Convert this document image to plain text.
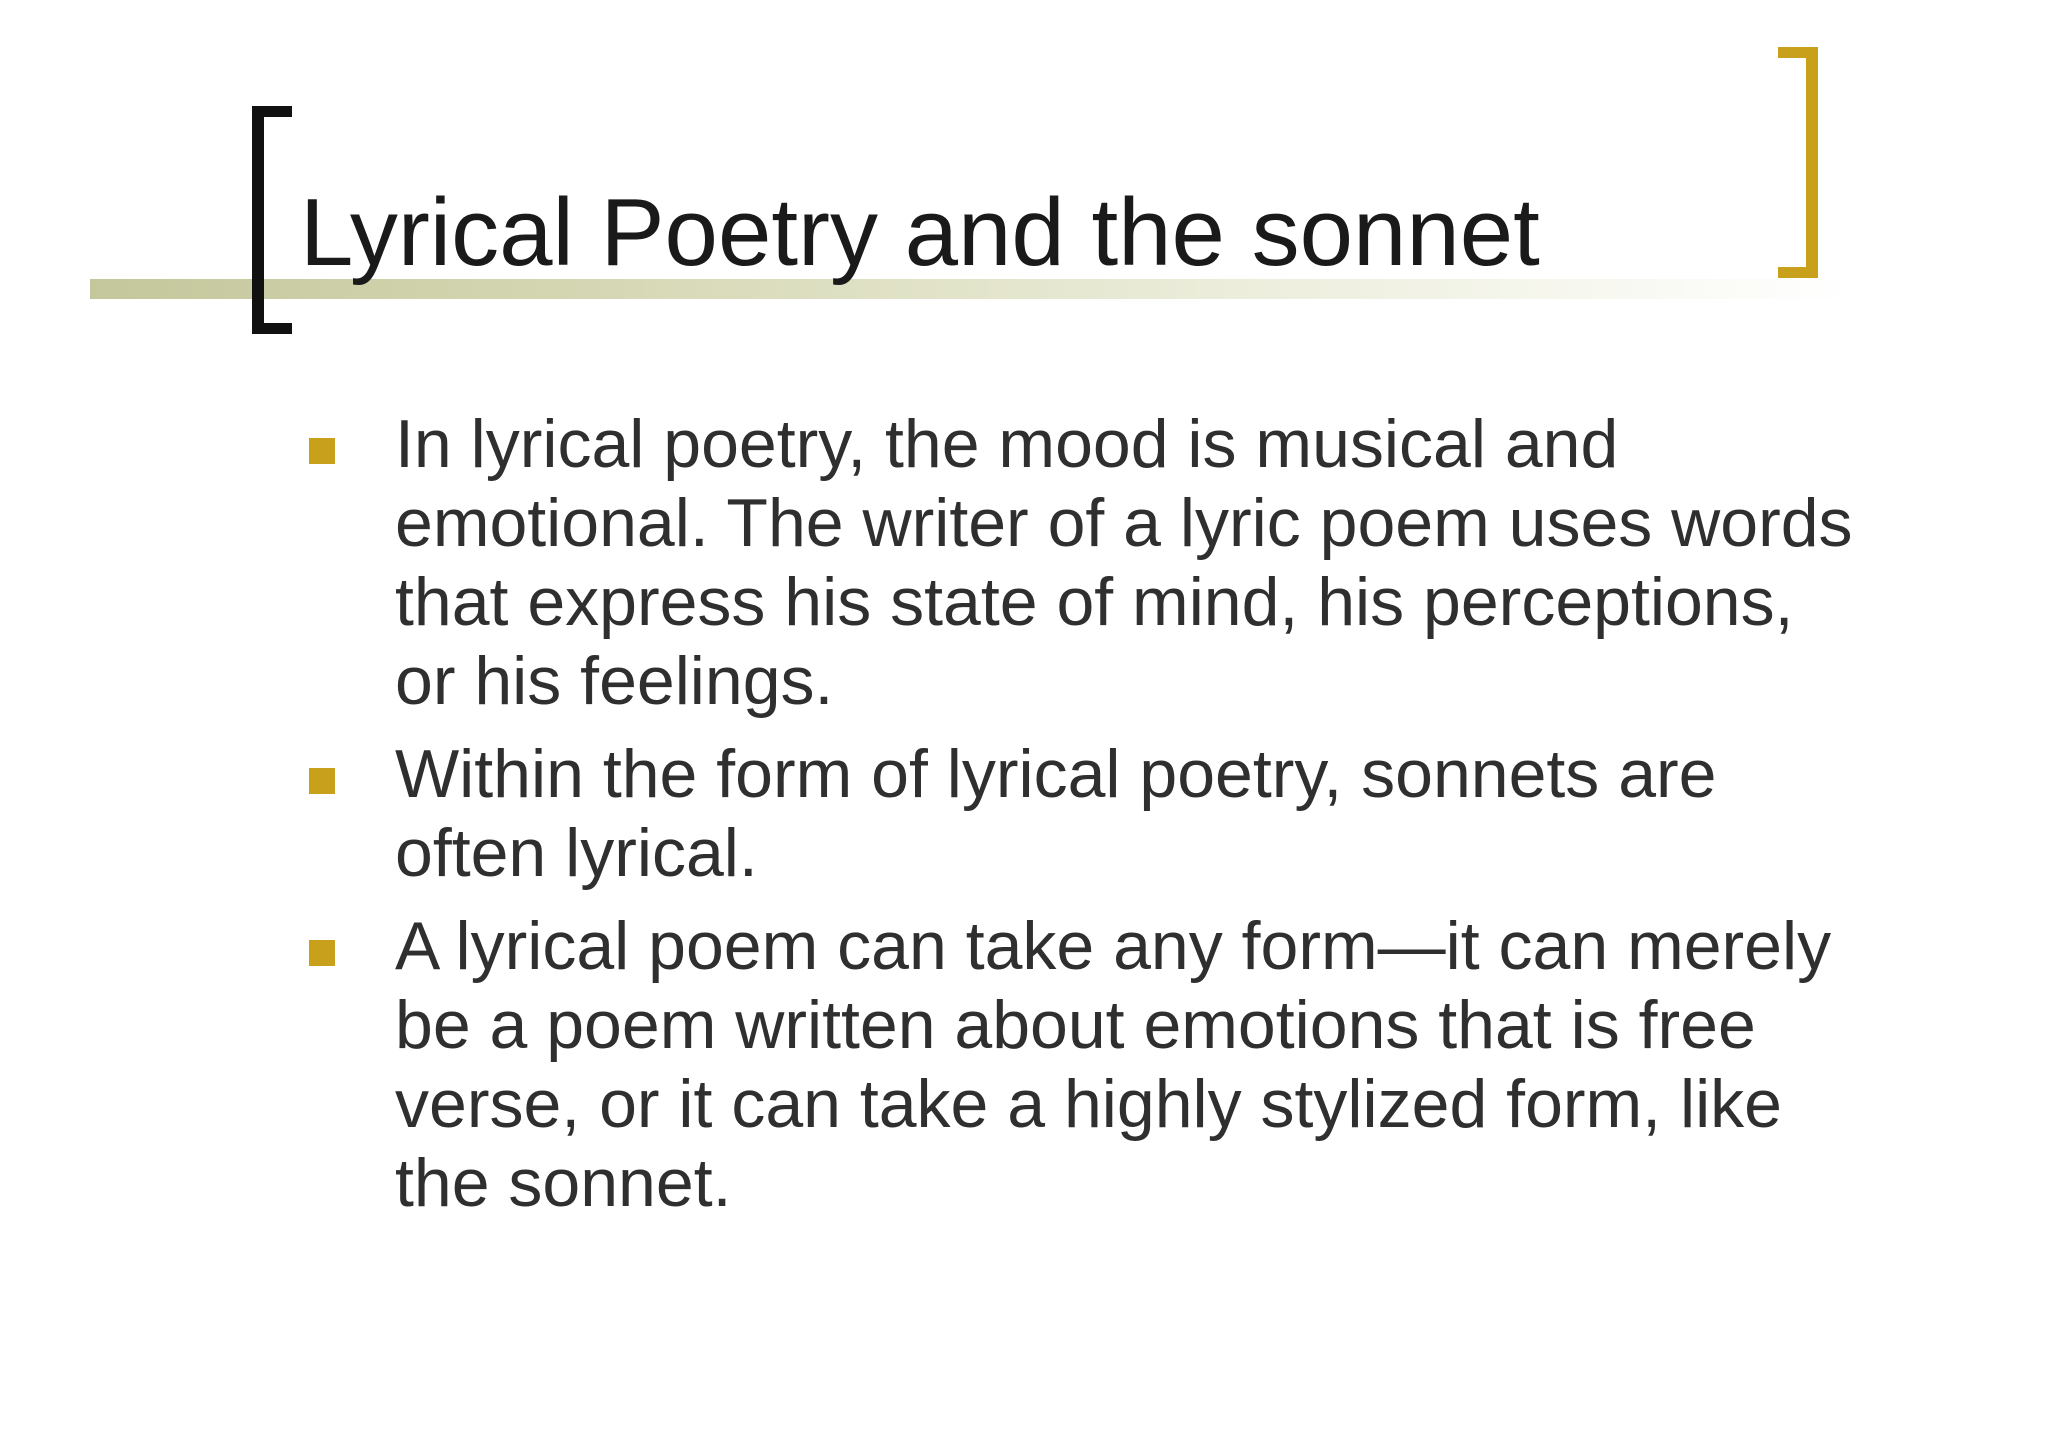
Lyrical Poetry and the sonnet
In lyrical poetry, the mood is musical and emotional. The writer of a lyric poem uses words that express his state of mind, his perceptions, or his feelings.
Within the form of lyrical poetry, sonnets are often lyrical.
A lyrical poem can take any form—it can merely be a poem written about emotions that is free verse, or it can take a highly stylized form, like the sonnet.
